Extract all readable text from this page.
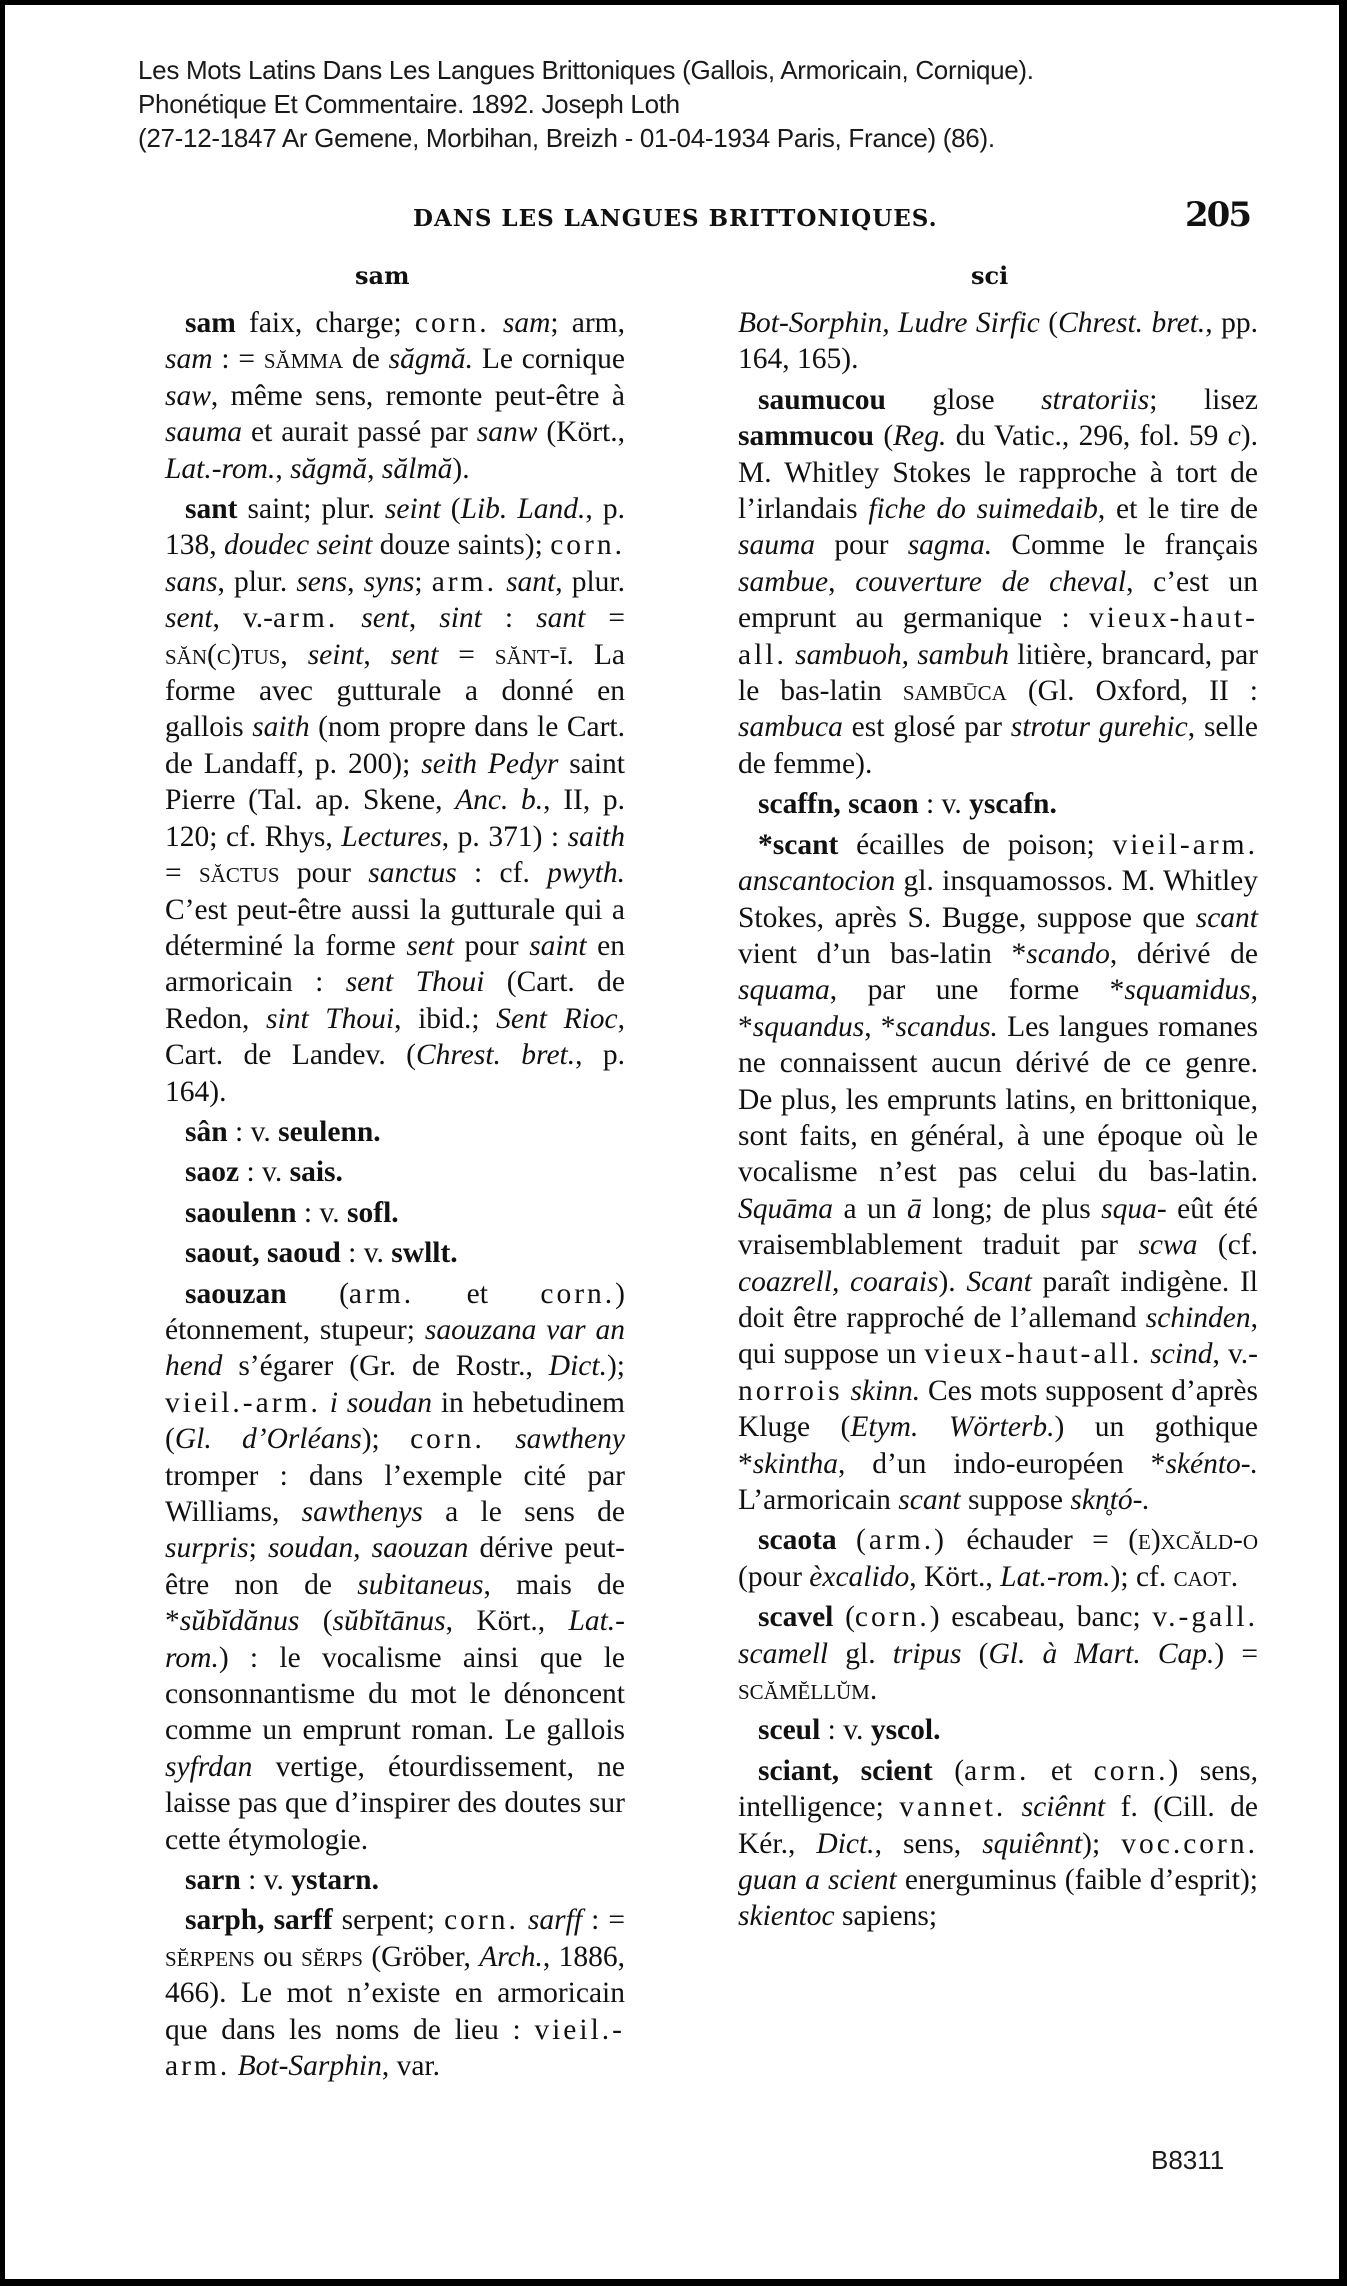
Les Mots Latins Dans Les Langues Brittoniques (Gallois, Armoricain, Cornique).
Phonétique Et Commentaire. 1892. Joseph Loth
(27-12-1847 Ar Gemene, Morbihan, Breizh - 01-04-1934 Paris, France) (86).
DANS LES LANGUES BRITTONIQUES.	205
sam	sci

sam faix, charge; corn. sam; arm, sam : = sămma de săgmă. Le cornique saw, même sens, remonte peut-être à sauma et aurait passé par sanw (Kört., Lat.-rom., săgmă, sălmă).

sant saint; plur. seint (Lib. Land., p. 138, doudec seint douze saints); corn. sans, plur. sens, syns; arm. sant, plur. sent, v.-arm. sent, sint : sant = săn(c)tus, seint, sent = sănt-ī. La forme avec gutturale a donné en gallois saith (nom propre dans le Cart. de Landaff, p. 200); seith Pedyr saint Pierre (Tal. ap. Skene, Anc. b., II, p. 120; cf. Rhys, Lectures, p. 371) : saith = săctus pour sanctus : cf. pwyth. C’est peut-être aussi la gutturale qui a déterminé la forme sent pour saint en armoricain : sent Thoui (Cart. de Redon, sint Thoui, ibid.; Sent Rioc, Cart. de Landev. (Chrest. bret., p. 164).

sân : v. seulenn.

saoz : v. sais.

saoulenn : v. sofl.

saout, saoud : v. swllt.

saouzan (arm. et corn.) étonnement, stupeur; saouzana var an hend s’égarer (Gr. de Rostr., Dict.); vieil.-arm. i soudan in hebetudinem (Gl. d’Orléans); corn. sawtheny tromper : dans l’exemple cité par Williams, sawthenys a le sens de surpris; soudan, saouzan dérive peut-être non de subitaneus, mais de *sŭbĭdănus (sŭbĭtānus, Kört., Lat.-rom.) : le vocalisme ainsi que le consonnantisme du mot le dénoncent comme un emprunt roman. Le gallois syfrdan vertige, étourdissement, ne laisse pas que d’inspirer des doutes sur cette étymologie.

sarn : v. ystarn.

sarph, sarff serpent; corn. sarff : = sĕrpens ou sĕrps (Gröber, Arch., 1886, 466). Le mot n’existe en armoricain que dans les noms de lieu : vieil.-arm. Bot-Sarphin, var.

Bot-Sorphin, Ludre Sirfic (Chrest. bret., pp. 164, 165).

saumucou glose stratoriis; lisez sammucou (Reg. du Vatic., 296, fol. 59 c). M. Whitley Stokes le rapproche à tort de l’irlandais fiche do suimedaib, et le tire de sauma pour sagma. Comme le français sambue, couverture de cheval, c’est un emprunt au germanique : vieux-haut-all. sambuoh, sambuh litière, brancard, par le bas-latin sambūca (Gl. Oxford, II : sambuca est glosé par strotur gurehic, selle de femme).

scaffn, scaon : v. yscafn.

*scant écailles de poison; vieil-arm. anscantocion gl. insquamossos. M. Whitley Stokes, après S. Bugge, suppose que scant vient d’un bas-latin *scando, dérivé de squama, par une forme *squamidus, *squandus, *scandus. Les langues romanes ne connaissent aucun dérivé de ce genre. De plus, les emprunts latins, en brittonique, sont faits, en général, à une époque où le vocalisme n’est pas celui du bas-latin. Squāma a un ā long; de plus squa- eût été vraisemblablement traduit par scwa (cf. coazrell, coarais). Scant paraît indigène. Il doit être rapproché de l’allemand schinden, qui suppose un vieux-haut-all. scind, v.-norrois skinn. Ces mots supposent d’après Kluge (Etym. Wörterb.) un gothique *skintha, d’un indo-européen *skénto-. L’armoricain scant suppose skn̥tó-.

scaota (arm.) échauder = (e)xcăld-o (pour èxcalido, Kört., Lat.-rom.); cf. caot.

scavel (corn.) escabeau, banc; v.-gall. scamell gl. tripus (Gl. à Mart. Cap.) = scămĕllŭm.

sceul : v. yscol.

sciant, scient (arm. et corn.) sens, intelligence; vannet. sciênnt f. (Cill. de Kér., Dict., sens, squiênnt); voc.corn. guan a scient energuminus (faible d’esprit); skientoc sapiens;

B8311
